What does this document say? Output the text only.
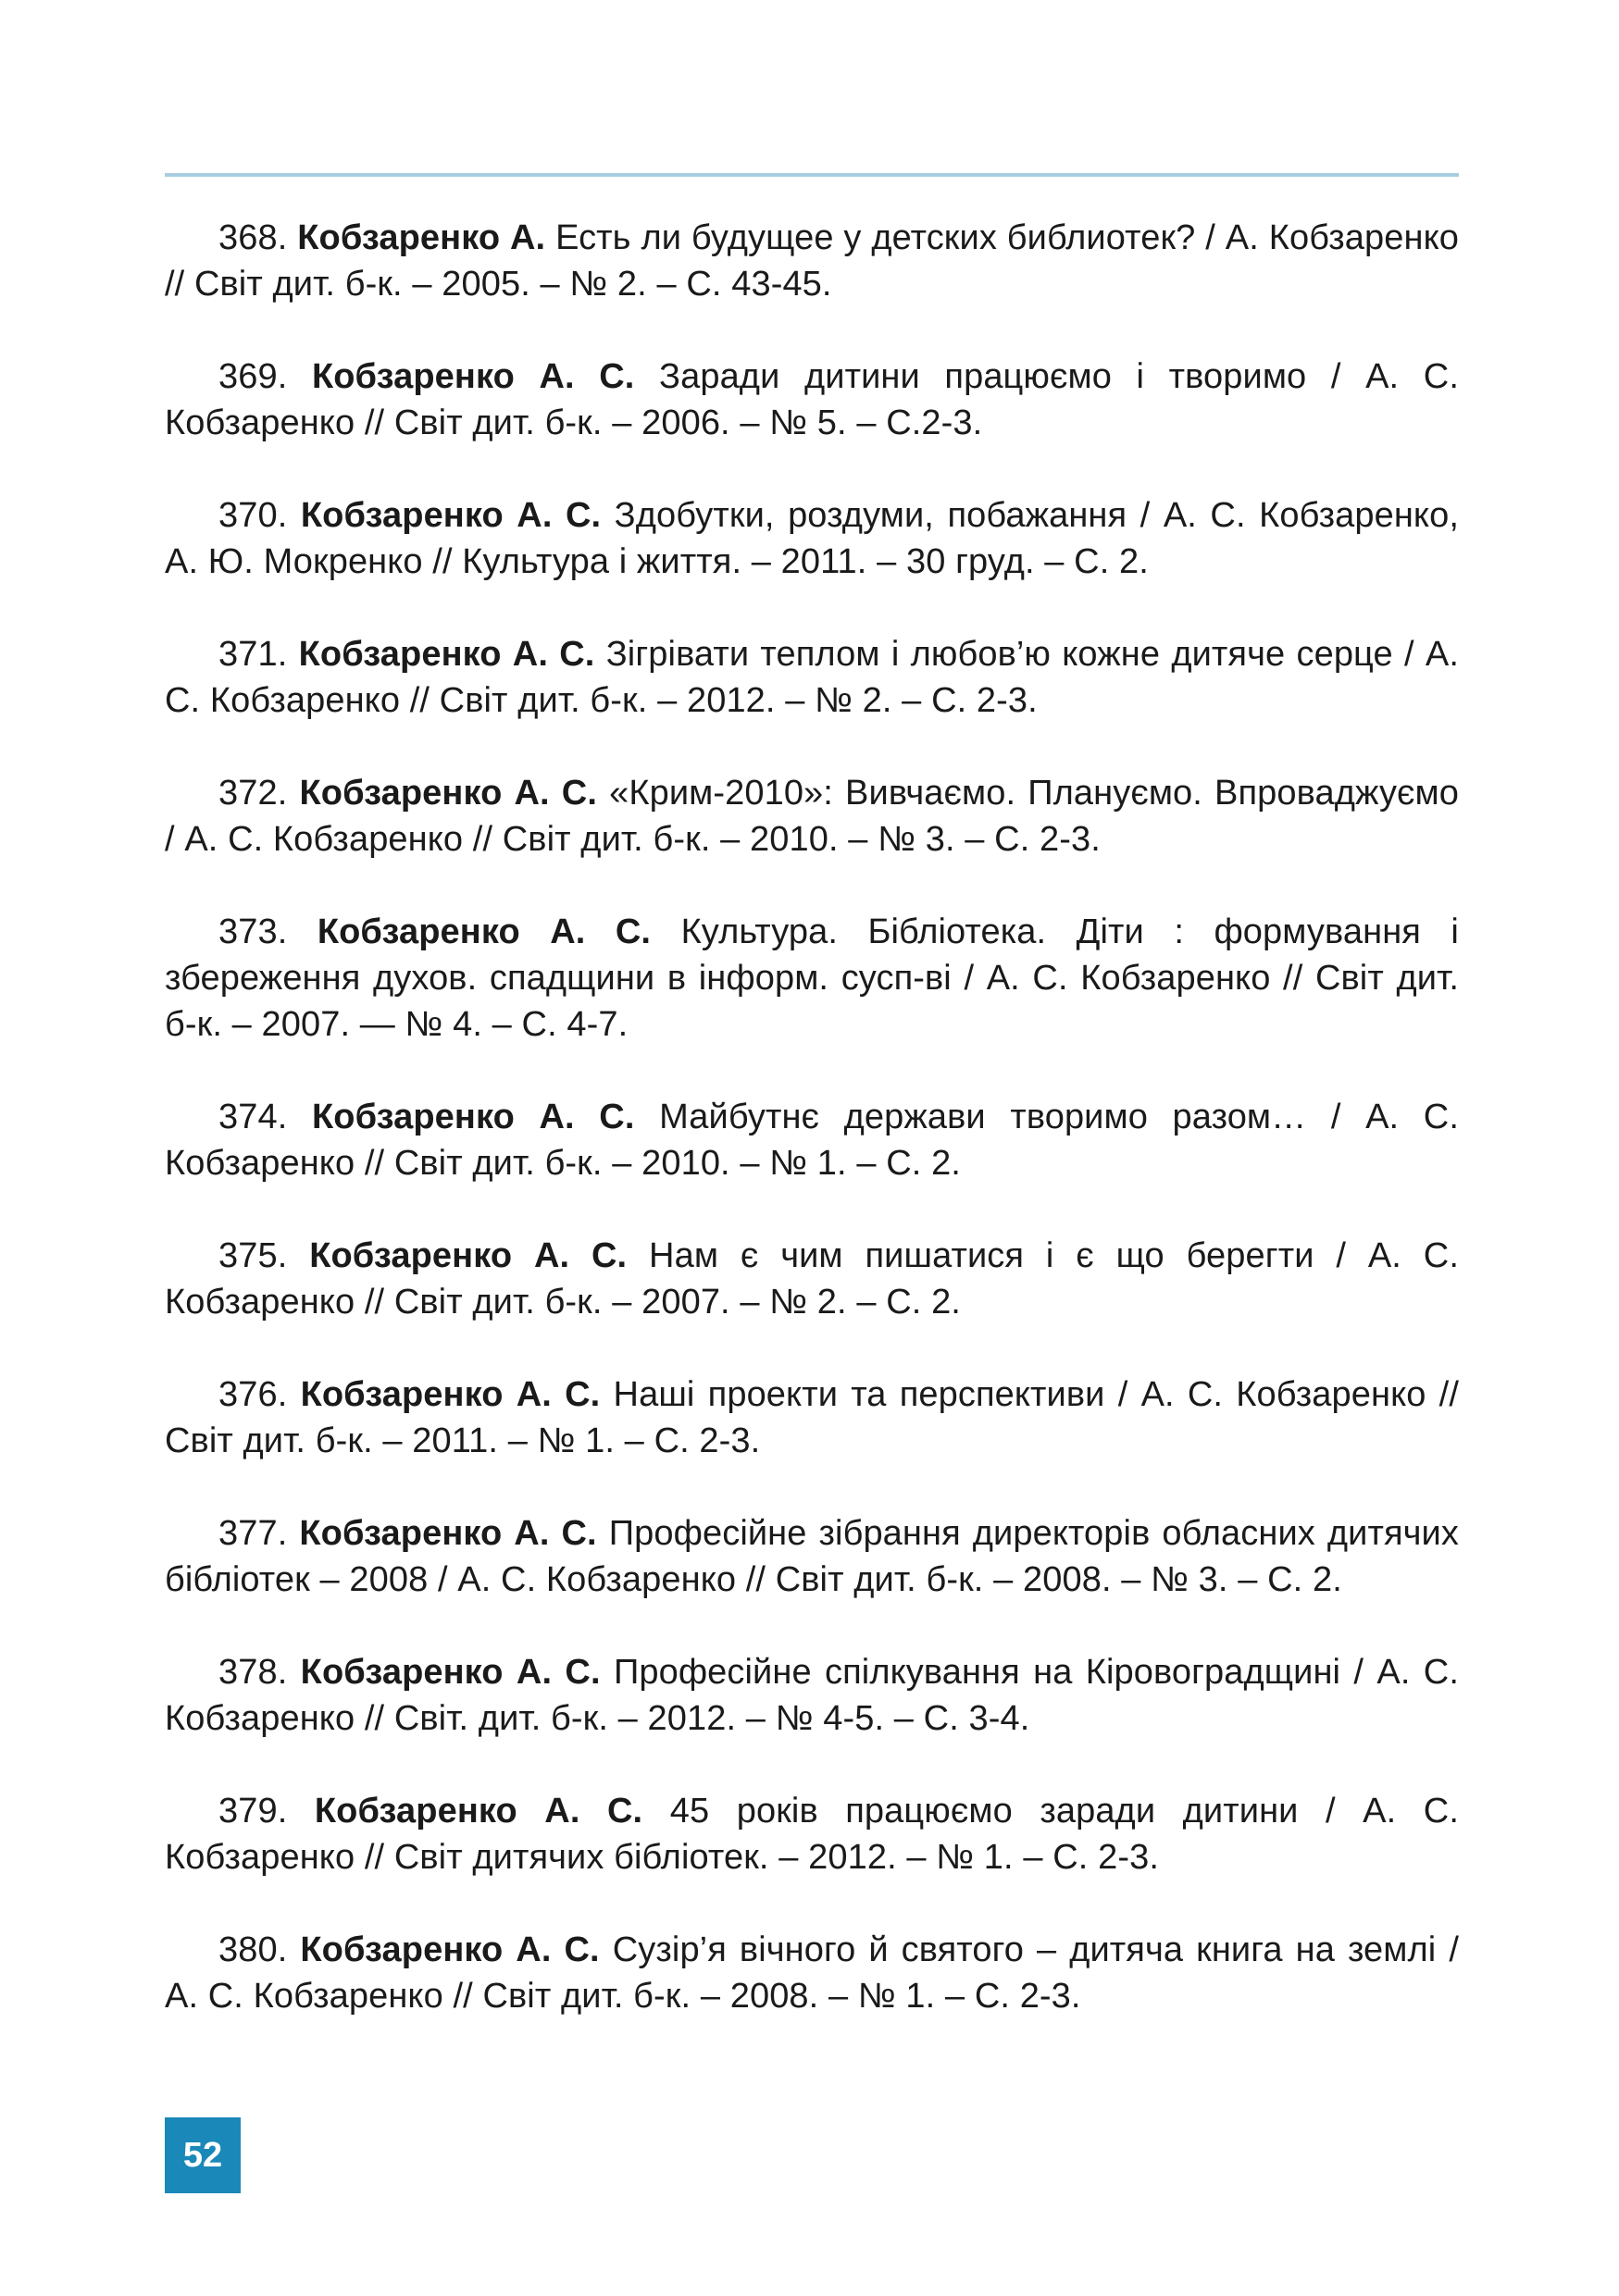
368. Кобзаренко А. Есть ли будущее у детских библиотек? / А. Кобзаренко // Світ дит. б-к. – 2005. – № 2. – С. 43-45.

369. Кобзаренко А. С. Заради дитини працюємо і творимо / А. С. Кобзаренко // Світ дит. б-к. – 2006. – № 5. – С.2-3.

370. Кобзаренко А. С. Здобутки, роздуми, побажання / А. С. Кобзаренко, А. Ю. Мокренко // Культура і життя. – 2011. – 30 груд. – С. 2.

371. Кобзаренко А. С. Зігрівати теплом і любов’ю кожне дитяче серце / А. С. Кобзаренко // Світ дит. б-к. – 2012. – № 2. – С. 2-3.

372. Кобзаренко А. С. «Крим-2010»: Вивчаємо. Плануємо. Впроваджуємо / А. С. Кобзаренко // Світ дит. б-к. – 2010. – № 3. – С. 2-3.

373. Кобзаренко А. С. Культура. Бібліотека. Діти : формування і збереження духов. спадщини в інформ. сусп-ві / А. С. Кобзаренко // Світ дит. б-к. – 2007. — № 4. – С. 4-7.

374. Кобзаренко А. С. Майбутнє держави творимо разом… / А. С. Кобзаренко // Світ дит. б-к. – 2010. – № 1. – С. 2.

375. Кобзаренко А. С. Нам є чим пишатися і є що берегти / А. С. Кобзаренко // Світ дит. б-к. – 2007. – № 2. – С. 2.

376. Кобзаренко А. С. Наші проекти та перспективи / А. С. Кобзаренко // Світ дит. б-к. – 2011. – № 1. – С. 2-3.

377. Кобзаренко А. С. Професійне зібрання директорів обласних дитячих бібліотек – 2008 / А. С. Кобзаренко // Світ дит. б-к. – 2008. – № 3. – С. 2.

378. Кобзаренко А. С. Професійне спілкування на Кіровоградщині / А. С. Кобзаренко // Світ. дит. б-к. – 2012. – № 4-5. – С. 3-4.

379. Кобзаренко А. С. 45 років працюємо заради дитини / А. С. Кобзаренко // Світ дитячих бібліотек. – 2012. – № 1. – С. 2-3.

380. Кобзаренко А. С. Сузір’я вічного й святого – дитяча книга на землі / А. С. Кобзаренко // Світ дит. б-к. – 2008. – № 1. – С. 2-3.

52
